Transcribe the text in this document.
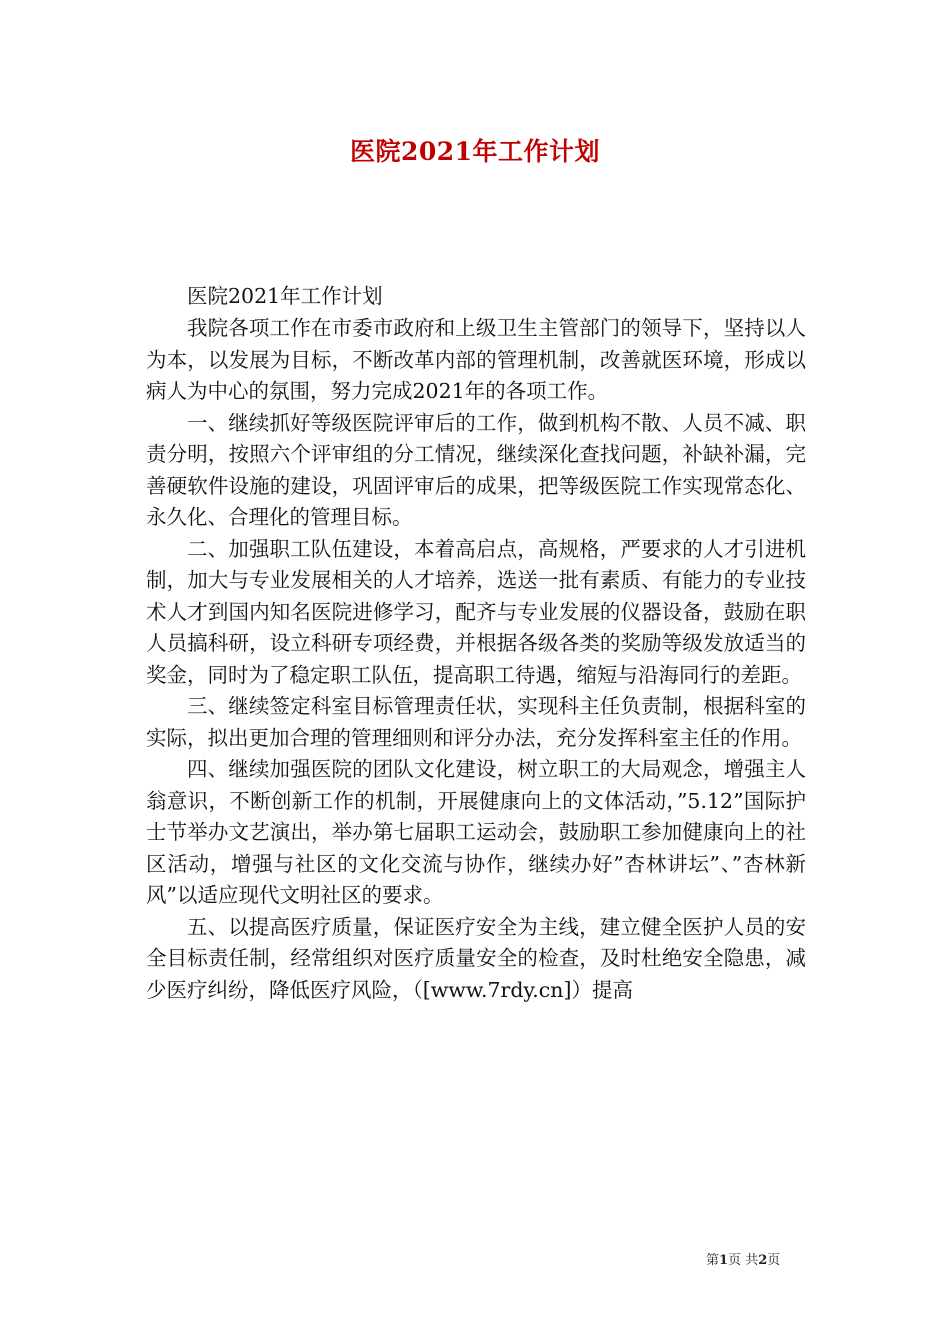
医院2021年工作计划

医院2021年工作计划

我院各项工作在市委市政府和上级卫生主管部门的领导下，坚持以人为本，以发展为目标，不断改革内部的管理机制，改善就医环境，形成以病人为中心的氛围，努力完成2021年的各项工作。

一、继续抓好等级医院评审后的工作，做到机构不散、人员不减、职责分明，按照六个评审组的分工情况，继续深化查找问题，补缺补漏，完善硬软件设施的建设，巩固评审后的成果，把等级医院工作实现常态化、永久化、合理化的管理目标。

二、加强职工队伍建设，本着高启点，高规格，严要求的人才引进机制，加大与专业发展相关的人才培养，选送一批有素质、有能力的专业技术人才到国内知名医院进修学习，配齐与专业发展的仪器设备，鼓励在职人员搞科研，设立科研专项经费，并根据各级各类的奖励等级发放适当的奖金，同时为了稳定职工队伍，提高职工待遇，缩短与沿海同行的差距。

三、继续签定科室目标管理责任状，实现科主任负责制，根据科室的实际，拟出更加合理的管理细则和评分办法，充分发挥科室主任的作用。

四、继续加强医院的团队文化建设，树立职工的大局观念，增强主人翁意识，不断创新工作的机制，开展健康向上的文体活动，”5.12”国际护士节举办文艺演出，举办第七届职工运动会，鼓励职工参加健康向上的社区活动，增强与社区的文化交流与协作，继续办好”杏林讲坛”、”杏林新风”以适应现代文明社区的要求。

五、以提高医疗质量，保证医疗安全为主线，建立健全医护人员的安全目标责任制，经常组织对医疗质量安全的检查，及时杜绝安全隐患，减少医疗纠纷，降低医疗风险，（[www.7rdy.cn]）提高

第1页 共2页
